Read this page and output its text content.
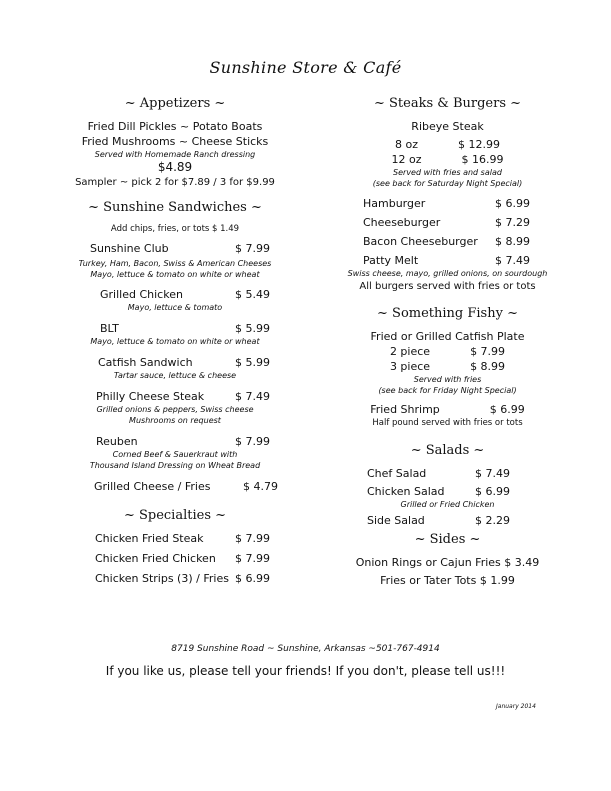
Sunshine Store & Café
~ Appetizers ~
Fried Dill Pickles ~ Potato Boats
Fried Mushrooms ~ Cheese Sticks
Served with Homemade Ranch dressing
$4.89
Sampler ~ pick 2 for $7.89 / 3 for $9.99
~ Sunshine Sandwiches ~
Add chips, fries, or tots $ 1.49
Sunshine Club	$ 7.99
Turkey, Ham, Bacon, Swiss & American Cheeses
Mayo, lettuce & tomato on white or wheat
Grilled Chicken	$ 5.49
Mayo, lettuce & tomato
BLT	$ 5.99
Mayo, lettuce & tomato on white or wheat
Catfish Sandwich	$ 5.99
Tartar sauce, lettuce & cheese
Philly Cheese Steak	$ 7.49
Grilled onions & peppers, Swiss cheese
Mushrooms on request
Reuben	$ 7.99
Corned Beef & Sauerkraut with
Thousand Island Dressing on Wheat Bread
Grilled Cheese / Fries	$ 4.79
~ Specialties ~
Chicken Fried Steak	$ 7.99
Chicken Fried Chicken $ 7.99
Chicken Strips (3) / Fries $ 6.99
~ Steaks & Burgers ~
Ribeye Steak
8 oz	$ 12.99
12 oz	$ 16.99
Served with fries and salad
(see back for Saturday Night Special)
Hamburger	$ 6.99
Cheeseburger	$ 7.29
Bacon Cheeseburger $ 8.99
Patty Melt	$ 7.49
Swiss cheese, mayo, grilled onions, on sourdough
All burgers served with fries or tots
~ Something Fishy ~
Fried or Grilled Catfish Plate
2 piece	$ 7.99
3 piece	$ 8.99
Served with fries
(see back for Friday Night Special)
Fried Shrimp	$ 6.99
Half pound served with fries or tots
~ Salads ~
Chef Salad	$ 7.49
Chicken Salad	$ 6.99
Grilled or Fried Chicken
Side Salad	$ 2.29
~ Sides ~
Onion Rings or Cajun Fries $ 3.49
Fries or Tater Tots $ 1.99
8719 Sunshine Road ~ Sunshine, Arkansas ~501-767-4914
If you like us, please tell your friends! If you don't, please tell us!!!
January 2014
